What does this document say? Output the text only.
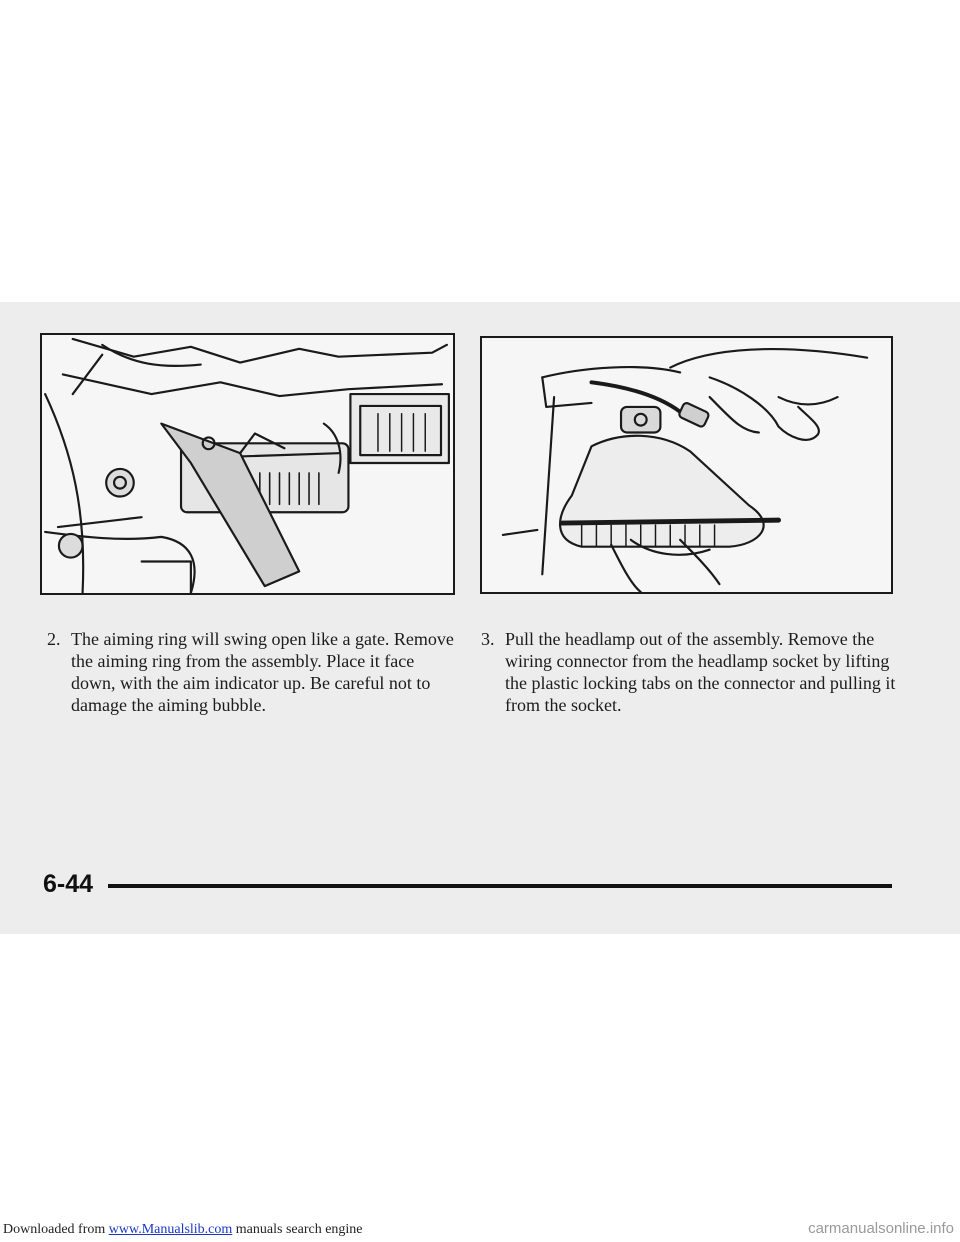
2. The aiming ring will swing open like a gate. Remove the aiming ring from the assembly. Place it face down, with the aim indicator up. Be careful not to damage the aiming bubble.
3. Pull the headlamp out of the assembly. Remove the wiring connector from the headlamp socket by lifting the plastic locking tabs on the connector and pulling it from the socket.
6-44
Downloaded from www.Manualslib.com manuals search engine	carmanualsonline.info
